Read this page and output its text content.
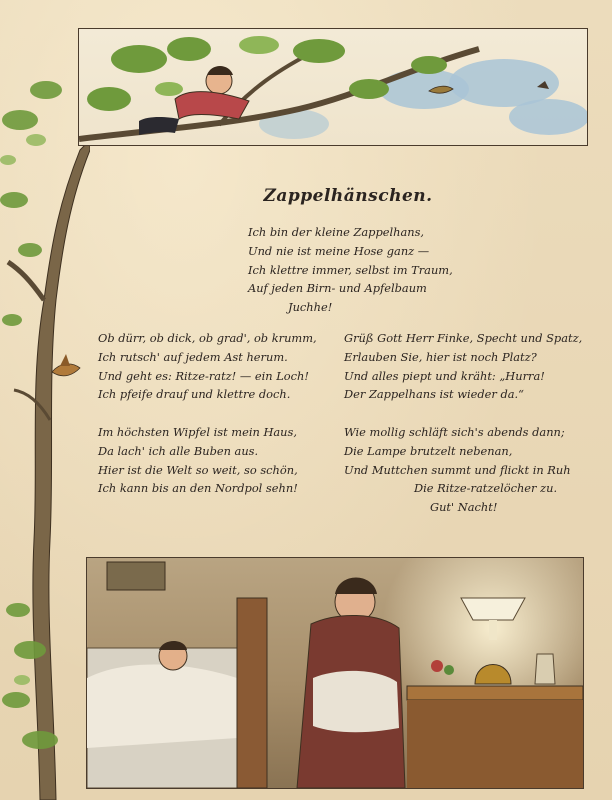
Zappelhänschen.
Ich bin der kleine Zappelhans,
Und nie ist meine Hose ganz —
Ich klettre immer, selbst im Traum,
Auf jeden Birn- und Apfelbaum
Juchhe!
Ob dürr, ob dick, ob grad', ob krumm,
Ich rutsch' auf jedem Ast herum.
Und geht es: Ritze-ratz! — ein Loch!
Ich pfeife drauf und klettre doch.
Im höchsten Wipfel ist mein Haus,
Da lach' ich alle Buben aus.
Hier ist die Welt so weit, so schön,
Ich kann bis an den Nordpol sehn!
Grüß Gott Herr Finke, Specht und Spatz,
Erlauben Sie, hier ist noch Platz?
Und alles piept und kräht: „Hurra!
Der Zappelhans ist wieder da.“
Wie mollig schläft sich's abends dann;
Die Lampe brutzelt nebenan,
Und Muttchen summt und flickt in Ruh
Die Ritze-ratzelöcher zu.
Gut' Nacht!
